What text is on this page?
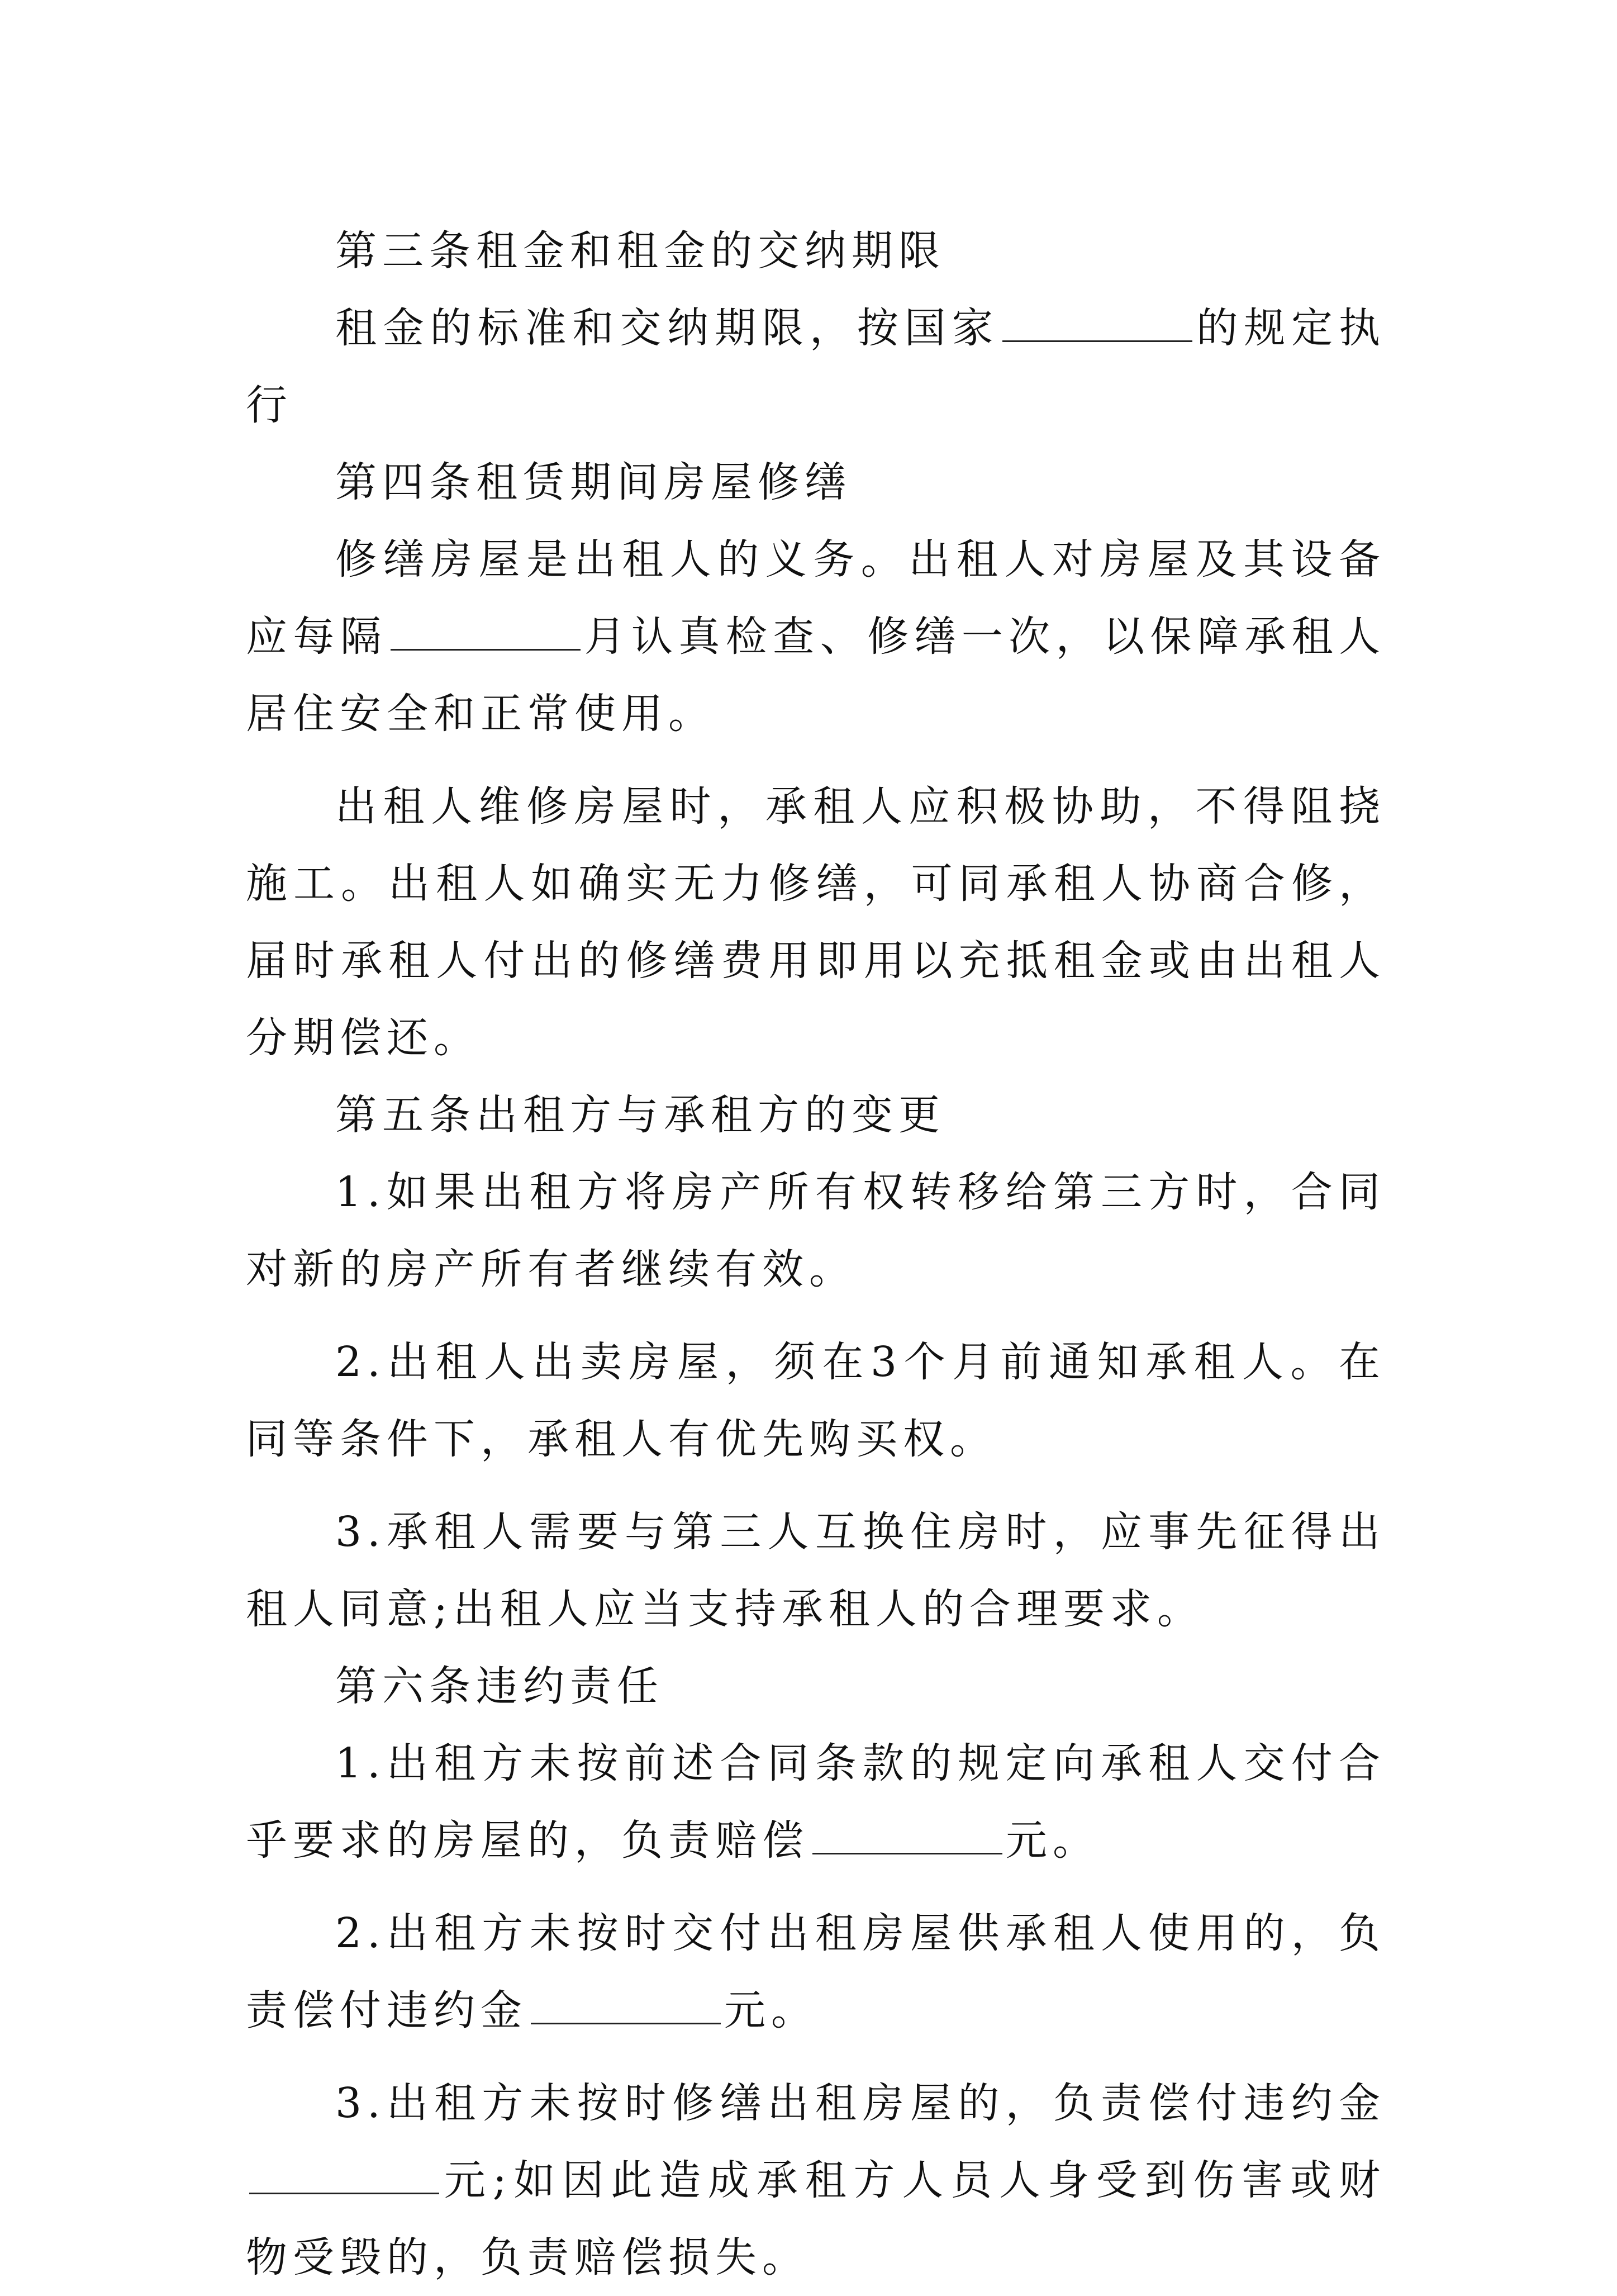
第三条租金和租金的交纳期限

租金的标准和交纳期限，按国家	的规定执行

第四条租赁期间房屋修缮

修缮房屋是出租人的义务。出租人对房屋及其设备应每隔	月认真检查、修缮一次，以保障承租人居住安全和正常使用。

出租人维修房屋时，承租人应积极协助，不得阻挠施工。出租人如确实无力修缮，可同承租人协商合修，届时承租人付出的修缮费用即用以充抵租金或由出租人分期偿还。

第五条出租方与承租方的变更

1.如果出租方将房产所有权转移给第三方时，合同对新的房产所有者继续有效。

2.出租人出卖房屋，须在3个月前通知承租人。在同等条件下，承租人有优先购买权。

3.承租人需要与第三人互换住房时，应事先征得出租人同意;出租人应当支持承租人的合理要求。

第六条违约责任

1.出租方未按前述合同条款的规定向承租人交付合乎要求的房屋的，负责赔偿	元。

2.出租方未按时交付出租房屋供承租人使用的，负责偿付违约金	元。

3.出租方未按时修缮出租房屋的，负责偿付违约金元;如因此造成承租方人员人身受到伤害或财物受毁的，负责赔偿损失。
